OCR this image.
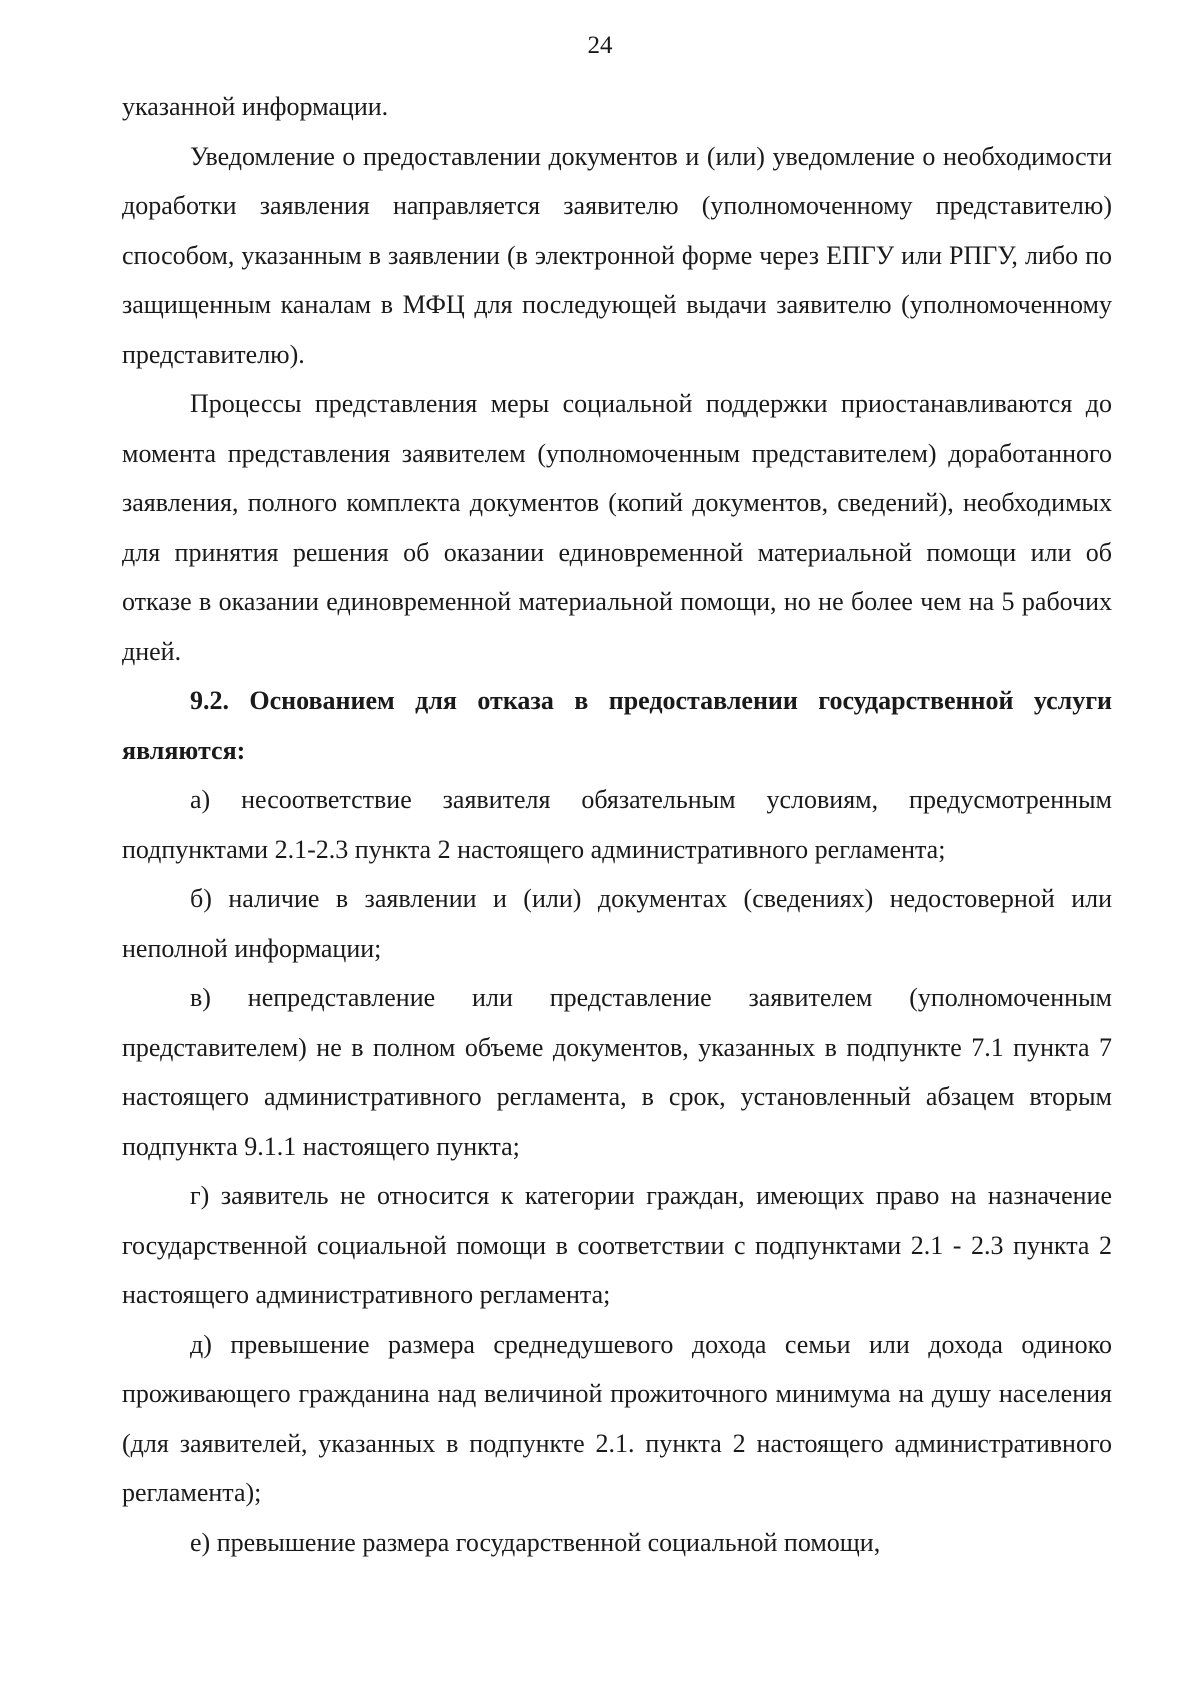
24

указанной информации.

Уведомление о предоставлении документов и (или) уведомление о необходимости доработки заявления направляется заявителю (уполномоченному представителю) способом, указанным в заявлении (в электронной форме через ЕПГУ или РПГУ, либо по защищенным каналам в МФЦ для последующей выдачи заявителю (уполномоченному представителю).

Процессы представления меры социальной поддержки приостанавливаются до момента представления заявителем (уполномоченным представителем) доработанного заявления, полного комплекта документов (копий документов, сведений), необходимых для принятия решения об оказании единовременной материальной помощи или об отказе в оказании единовременной материальной помощи, но не более чем на 5 рабочих дней.

9.2. Основанием для отказа в предоставлении государственной услуги являются:

а) несоответствие заявителя обязательным условиям, предусмотренным подпунктами 2.1-2.3 пункта 2 настоящего административного регламента;

б) наличие в заявлении и (или) документах (сведениях) недостоверной или неполной информации;

в) непредставление или представление заявителем (уполномоченным представителем) не в полном объеме документов, указанных в подпункте 7.1 пункта 7 настоящего административного регламента, в срок, установленный абзацем вторым подпункта 9.1.1 настоящего пункта;

г) заявитель не относится к категории граждан, имеющих право на назначение государственной социальной помощи в соответствии с подпунктами 2.1 - 2.3 пункта 2 настоящего административного регламента;

д) превышение размера среднедушевого дохода семьи или дохода одиноко проживающего гражданина над величиной прожиточного минимума на душу населения (для заявителей, указанных в подпункте 2.1. пункта 2 настоящего административного регламента);

е) превышение размера государственной социальной помощи,
